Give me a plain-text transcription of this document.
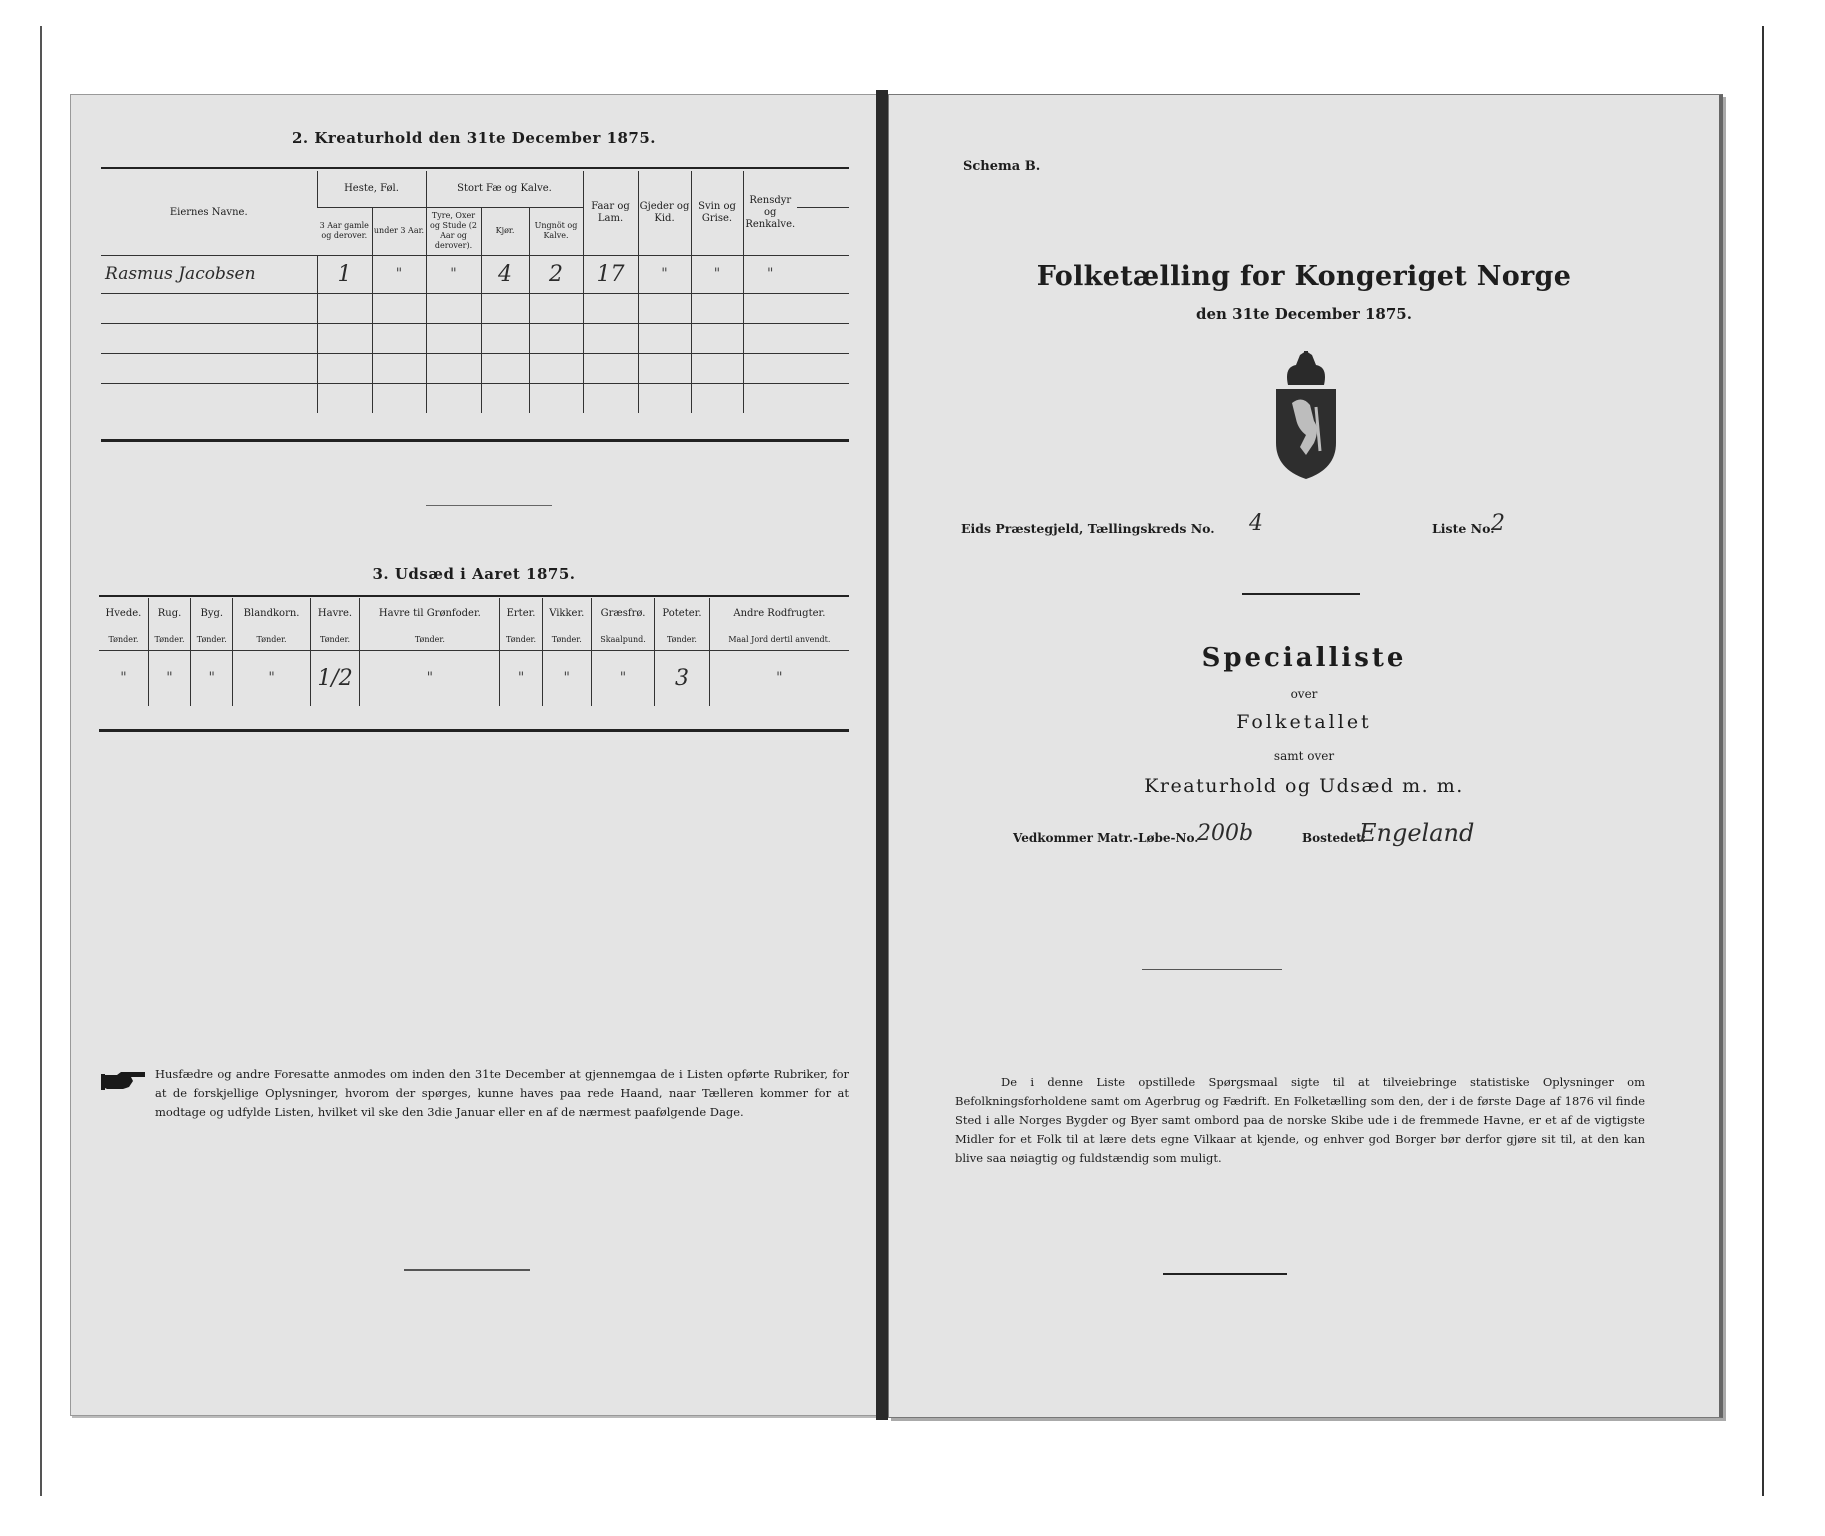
2. Kreaturhold den 31te December 1875.
Eiernes Navne.	Heste, Føl.		Stort Fæ og Kalve.			Faar og Lam.	Gjeder og Kid.	Svin og Grise.	Rensdyr og Renkalve.	
	3 Aar gamle og derover.	under 3 Aar.	Tyre, Oxer og Stude (2 Aar og derover).	Kjør.	Ungnöt og Kalve.					
Rasmus Jacobsen	1	"	"	4	2	17	"	"	"	

3. Udsæd i Aaret 1875.
Hvede.	Rug.	Byg.	Blandkorn.	Havre.	Havre til Grønfoder.	Erter.	Vikker.	Græsfrø.	Poteter.	Andre Rodfrugter.
Tønder.	Tønder.	Tønder.	Tønder.	Tønder.	Tønder.	Tønder.	Tønder.	Skaalpund.	Tønder.	Maal Jord dertil anvendt.
"	"	"	"	1/2	"	"	"	"	3	"
Husfædre og andre Foresatte anmodes om inden den 31te December at gjennemgaa de i Listen opførte Rubriker, for at de forskjellige Oplysninger, hvorom der spørges, kunne haves paa rede Haand, naar Tælleren kommer for at modtage og udfylde Listen, hvilket vil ske den 3die Januar eller en af de nærmest paafølgende Dage.
Schema B.
Folketælling for Kongeriget Norge
den 31te December 1875.
Eids Præstegjeld, Tællingskreds No.	4	Liste No.
2
Specialliste
over
Folketallet
samt over
Kreaturhold og Udsæd m. m.
Vedkommer Matr.-Løbe-No.
200b	Bostedet:
Engeland
De i denne Liste opstillede Spørgsmaal sigte til at tilveiebringe statistiske Oplysninger om Befolkningsforholdene samt om Agerbrug og Fædrift. En Folketælling som den, der i de første Dage af 1876 vil finde Sted i alle Norges Bygder og Byer samt ombord paa de norske Skibe ude i de fremmede Havne, er et af de vigtigste Midler for et Folk til at lære dets egne Vilkaar at kjende, og enhver god Borger bør derfor gjøre sit til, at den kan blive saa nøiagtig og fuldstændig som muligt.
